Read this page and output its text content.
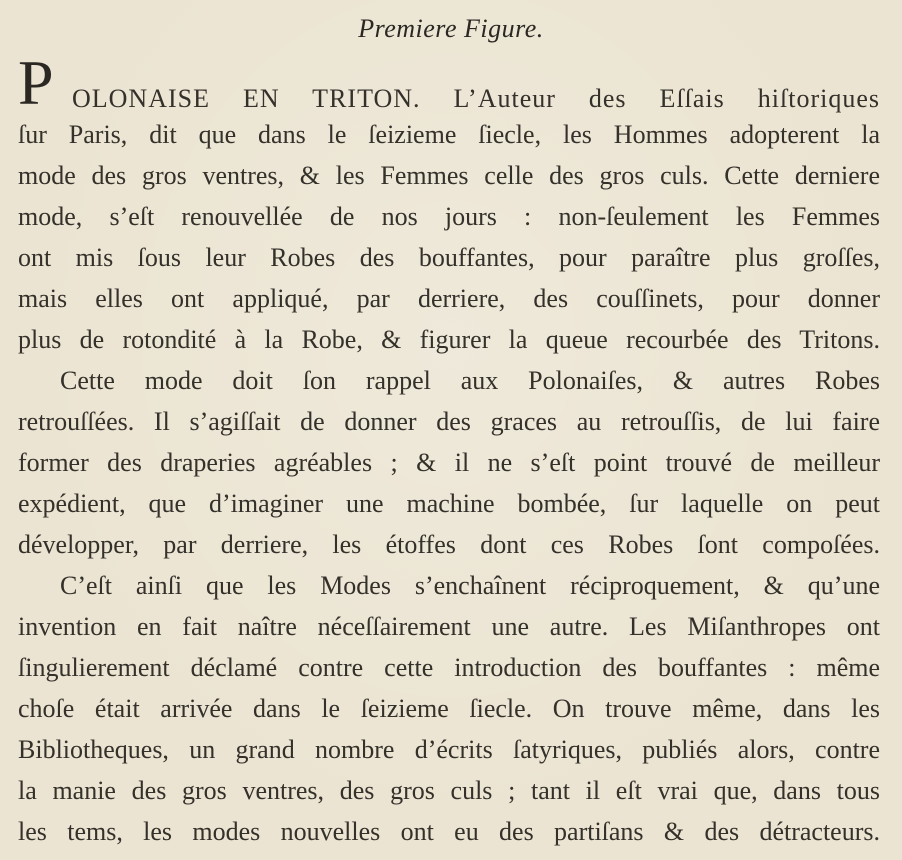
Premiere Figure.
P OLONAISE EN TRITON. L’Auteur des Eſſais hiſtoriques
ſur Paris, dit que dans le ſeizieme ſiecle, les Hommes adopterent la
mode des gros ventres, & les Femmes celle des gros culs. Cette derniere
mode, s’eſt renouvellée de nos jours : non-ſeulement les Femmes
ont mis ſous leur Robes des bouffantes, pour paraître plus groſſes,
mais elles ont appliqué, par derriere, des couſſinets, pour donner
plus de rotondité à la Robe, & figurer la queue recourbée des Tritons.
Cette mode doit ſon rappel aux Polonaiſes, & autres Robes
retrouſſées. Il s’agiſſait de donner des graces au retrouſſis, de lui faire
former des draperies agréables ; & il ne s’eſt point trouvé de meilleur
expédient, que d’imaginer une machine bombée, ſur laquelle on peut
développer, par derriere, les étoffes dont ces Robes ſont compoſées.
C’eſt ainſi que les Modes s’enchaînent réciproquement, & qu’une
invention en fait naître néceſſairement une autre. Les Miſanthropes ont
ſingulierement déclamé contre cette introduction des bouffantes : même
choſe était arrivée dans le ſeizieme ſiecle. On trouve même, dans les
Bibliotheques, un grand nombre d’écrits ſatyriques, publiés alors, contre
la manie des gros ventres, des gros culs ; tant il eſt vrai que, dans tous
les tems, les modes nouvelles ont eu des partiſans & des détracteurs.
